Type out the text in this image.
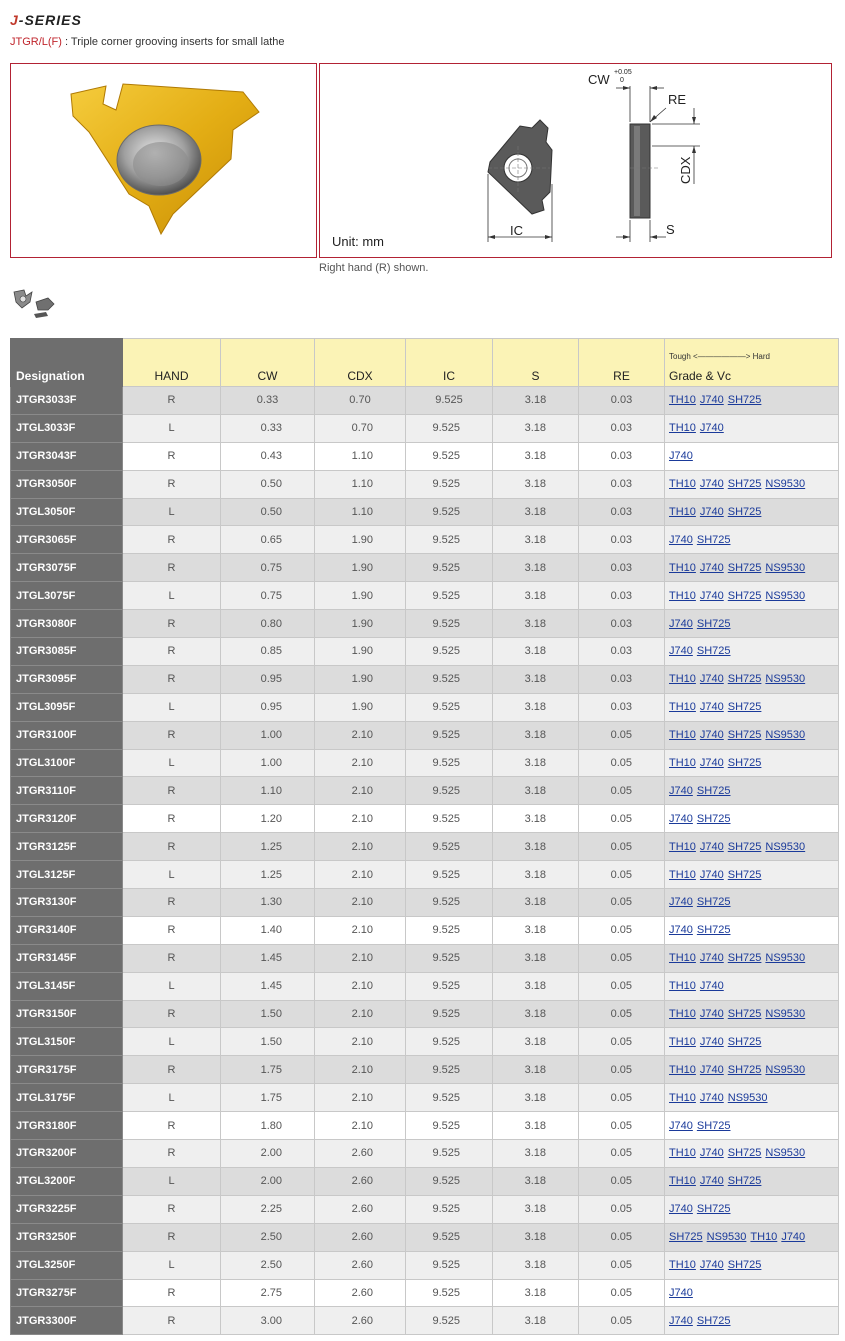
J-SERIES
JTGR/L(F) : Triple corner grooving inserts for small lathe
IC
CW +0.05
0
RE
CDX
S
Unit: mm
Right hand (R) shown.
Designation	HAND	CW	CDX	IC	S	RE	Tough <——————> Hard
Grade & Vc
JTGR3033F	R	0.33	0.70	9.525	3.18	0.03	TH10 J740 SH725
JTGL3033F	L	0.33	0.70	9.525	3.18	0.03	TH10 J740
JTGR3043F	R	0.43	1.10	9.525	3.18	0.03	J740
JTGR3050F	R	0.50	1.10	9.525	3.18	0.03	TH10 J740 SH725 NS9530
JTGL3050F	L	0.50	1.10	9.525	3.18	0.03	TH10 J740 SH725
JTGR3065F	R	0.65	1.90	9.525	3.18	0.03	J740 SH725
JTGR3075F	R	0.75	1.90	9.525	3.18	0.03	TH10 J740 SH725 NS9530
JTGL3075F	L	0.75	1.90	9.525	3.18	0.03	TH10 J740 SH725 NS9530
JTGR3080F	R	0.80	1.90	9.525	3.18	0.03	J740 SH725
JTGR3085F	R	0.85	1.90	9.525	3.18	0.03	J740 SH725
JTGR3095F	R	0.95	1.90	9.525	3.18	0.03	TH10 J740 SH725 NS9530
JTGL3095F	L	0.95	1.90	9.525	3.18	0.03	TH10 J740 SH725
JTGR3100F	R	1.00	2.10	9.525	3.18	0.05	TH10 J740 SH725 NS9530
JTGL3100F	L	1.00	2.10	9.525	3.18	0.05	TH10 J740 SH725
JTGR3110F	R	1.10	2.10	9.525	3.18	0.05	J740 SH725
JTGR3120F	R	1.20	2.10	9.525	3.18	0.05	J740 SH725
JTGR3125F	R	1.25	2.10	9.525	3.18	0.05	TH10 J740 SH725 NS9530
JTGL3125F	L	1.25	2.10	9.525	3.18	0.05	TH10 J740 SH725
JTGR3130F	R	1.30	2.10	9.525	3.18	0.05	J740 SH725
JTGR3140F	R	1.40	2.10	9.525	3.18	0.05	J740 SH725
JTGR3145F	R	1.45	2.10	9.525	3.18	0.05	TH10 J740 SH725 NS9530
JTGL3145F	L	1.45	2.10	9.525	3.18	0.05	TH10 J740
JTGR3150F	R	1.50	2.10	9.525	3.18	0.05	TH10 J740 SH725 NS9530
JTGL3150F	L	1.50	2.10	9.525	3.18	0.05	TH10 J740 SH725
JTGR3175F	R	1.75	2.10	9.525	3.18	0.05	TH10 J740 SH725 NS9530
JTGL3175F	L	1.75	2.10	9.525	3.18	0.05	TH10 J740 NS9530
JTGR3180F	R	1.80	2.10	9.525	3.18	0.05	J740 SH725
JTGR3200F	R	2.00	2.60	9.525	3.18	0.05	TH10 J740 SH725 NS9530
JTGL3200F	L	2.00	2.60	9.525	3.18	0.05	TH10 J740 SH725
JTGR3225F	R	2.25	2.60	9.525	3.18	0.05	J740 SH725
JTGR3250F	R	2.50	2.60	9.525	3.18	0.05	SH725 NS9530 TH10 J740
JTGL3250F	L	2.50	2.60	9.525	3.18	0.05	TH10 J740 SH725
JTGR3275F	R	2.75	2.60	9.525	3.18	0.05	J740
JTGR3300F	R	3.00	2.60	9.525	3.18	0.05	J740 SH725
